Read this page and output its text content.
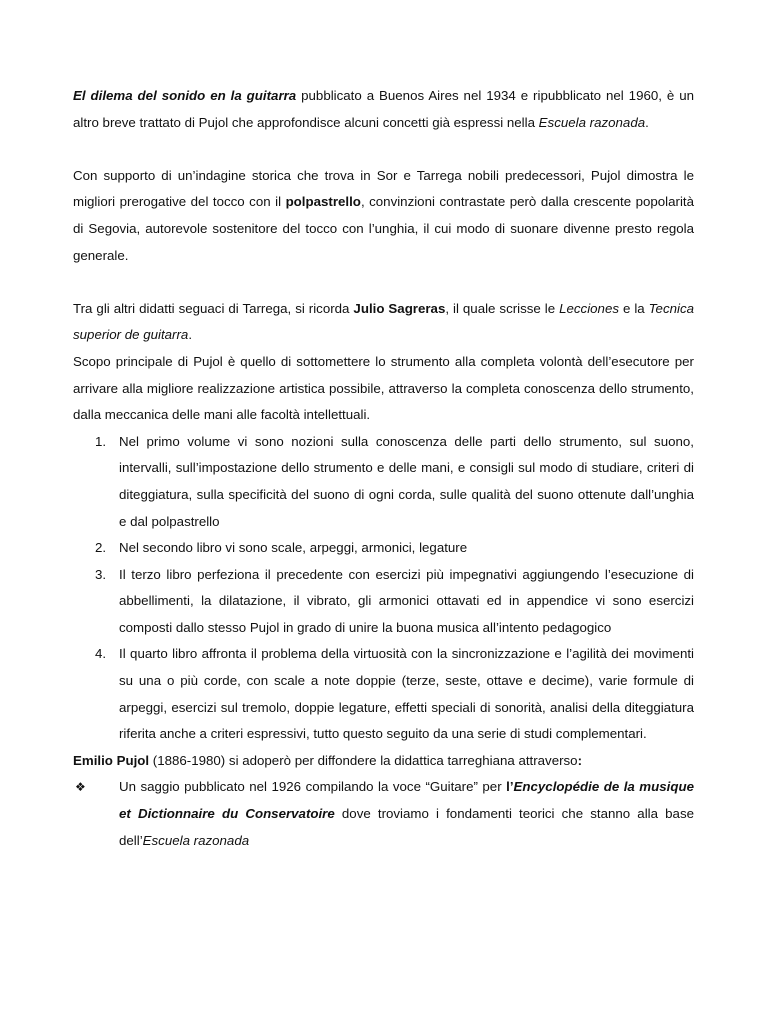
El dilema del sonido en la guitarra pubblicato a Buenos Aires nel 1934 e ripubblicato nel 1960, è un altro breve trattato di Pujol che approfondisce alcuni concetti già espressi nella Escuela razonada.

Con supporto di un’indagine storica che trova in Sor e Tarrega nobili predecessori, Pujol dimostra le migliori prerogative del tocco con il polpastrello, convinzioni contrastate però dalla crescente popolarità di Segovia, autorevole sostenitore del tocco con l’unghia, il cui modo di suonare divenne presto regola generale.

Tra gli altri didatti seguaci di Tarrega, si ricorda Julio Sagreras, il quale scrisse le Lecciones e la Tecnica superior de guitarra.

Scopo principale di Pujol è quello di sottomettere lo strumento alla completa volontà dell’esecutore per arrivare alla migliore realizzazione artistica possibile, attraverso la completa conoscenza dello strumento, dalla meccanica delle mani alle facoltà intellettuali.

1. Nel primo volume vi sono nozioni sulla conoscenza delle parti dello strumento, sul suono, intervalli, sull’impostazione dello strumento e delle mani, e consigli sul modo di studiare, criteri di diteggiatura, sulla specificità del suono di ogni corda, sulle qualità del suono ottenute dall’unghia e dal polpastrello
2. Nel secondo libro vi sono scale, arpeggi, armonici, legature
3. Il terzo libro perfeziona il precedente con esercizi più impegnativi aggiungendo l’esecuzione di abbellimenti, la dilatazione, il vibrato, gli armonici ottavati ed in appendice vi sono esercizi composti dallo stesso Pujol in grado di unire la buona musica all’intento pedagogico
4. Il quarto libro affronta il problema della virtuosità con la sincronizzazione e l’agilità dei movimenti su una o più corde, con scale a note doppie (terze, seste, ottave e decime), varie formule di arpeggi, esercizi sul tremolo, doppie legature, effetti speciali di sonorità, analisi della diteggiatura riferita anche a criteri espressivi, tutto questo seguito da una serie di studi complementari.

Emilio Pujol (1886-1980) si adoperò per diffondere la didattica tarreghiana attraverso:

❖ Un saggio pubblicato nel 1926 compilando la voce “Guitare” per l’Encyclopédie de la musique et Dictionnaire du Conservatoire dove troviamo i fondamenti teorici che stanno alla base dell’Escuela razonada
